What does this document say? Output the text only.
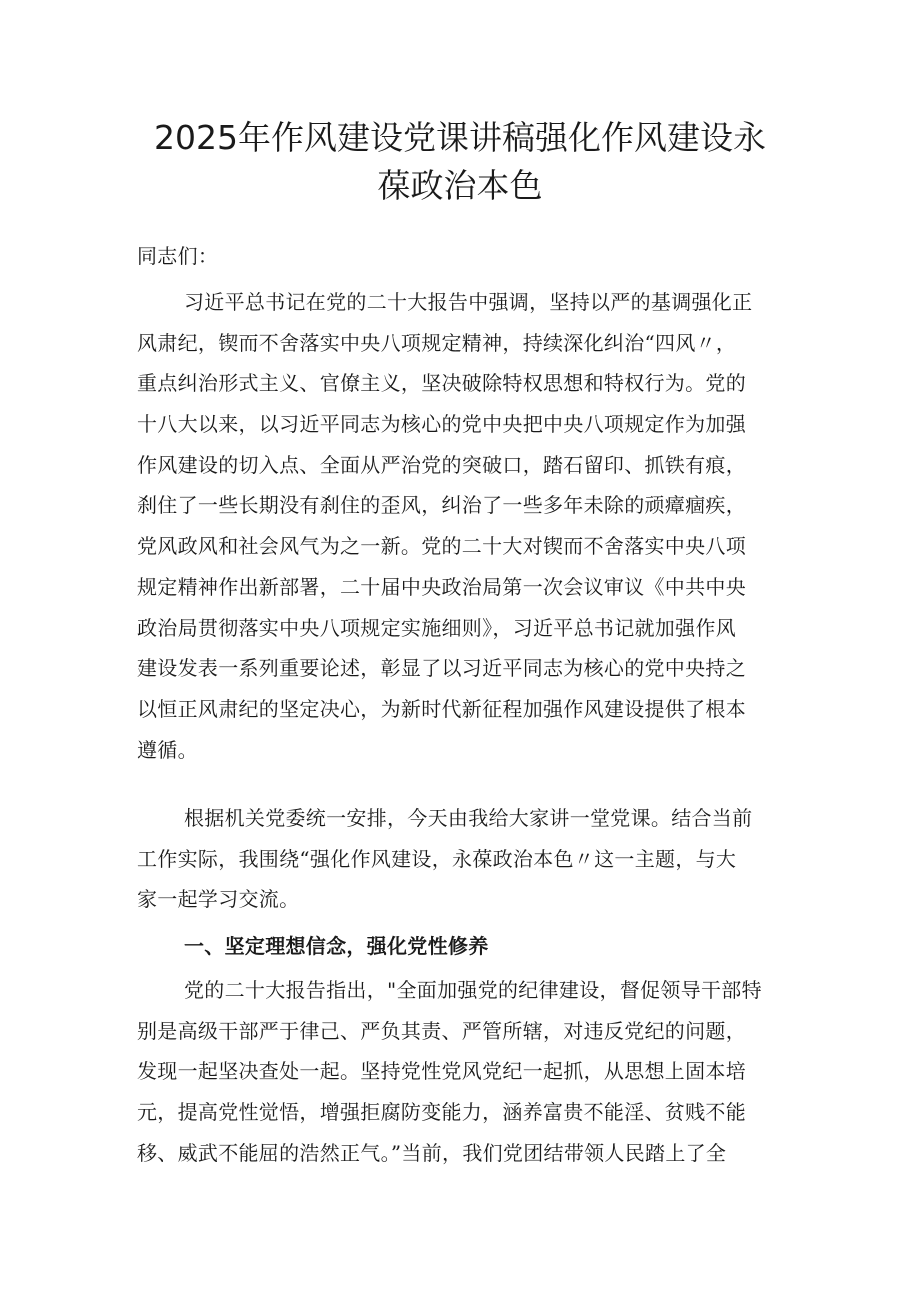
2025年作风建设党课讲稿强化作风建设永
葆政治本色

同志们：

习近平总书记在党的二十大报告中强调，坚持以严的基调强化正
风肃纪，锲而不舍落实中央八项规定精神，持续深化纠治“四风〃，
重点纠治形式主义、官僚主义，坚决破除特权思想和特权行为。党的
十八大以来，以习近平同志为核心的党中央把中央八项规定作为加强
作风建设的切入点、全面从严治党的突破口，踏石留印、抓铁有痕，
刹住了一些长期没有刹住的歪风，纠治了一些多年未除的顽瘴痼疾，
党风政风和社会风气为之一新。党的二十大对锲而不舍落实中央八项
规定精神作出新部署，二十届中央政治局第一次会议审议《中共中央
政治局贯彻落实中央八项规定实施细则》，习近平总书记就加强作风
建设发表一系列重要论述，彰显了以习近平同志为核心的党中央持之
以恒正风肃纪的坚定决心，为新时代新征程加强作风建设提供了根本
遵循。
根据机关党委统一安排，今天由我给大家讲一堂党课。结合当前
工作实际，我围绕“强化作风建设，永葆政治本色〃这一主题，与大
家一起学习交流。
一、坚定理想信念，强化党性修养
党的二十大报告指出，"全面加强党的纪律建设，督促领导干部特
别是高级干部严于律己、严负其责、严管所辖，对违反党纪的问题，
发现一起坚决查处一起。坚持党性党风党纪一起抓，从思想上固本培
元，提高党性觉悟，增强拒腐防变能力，涵养富贵不能淫、贫贱不能
移、威武不能屈的浩然正气。”当前，我们党团结带领人民踏上了全
